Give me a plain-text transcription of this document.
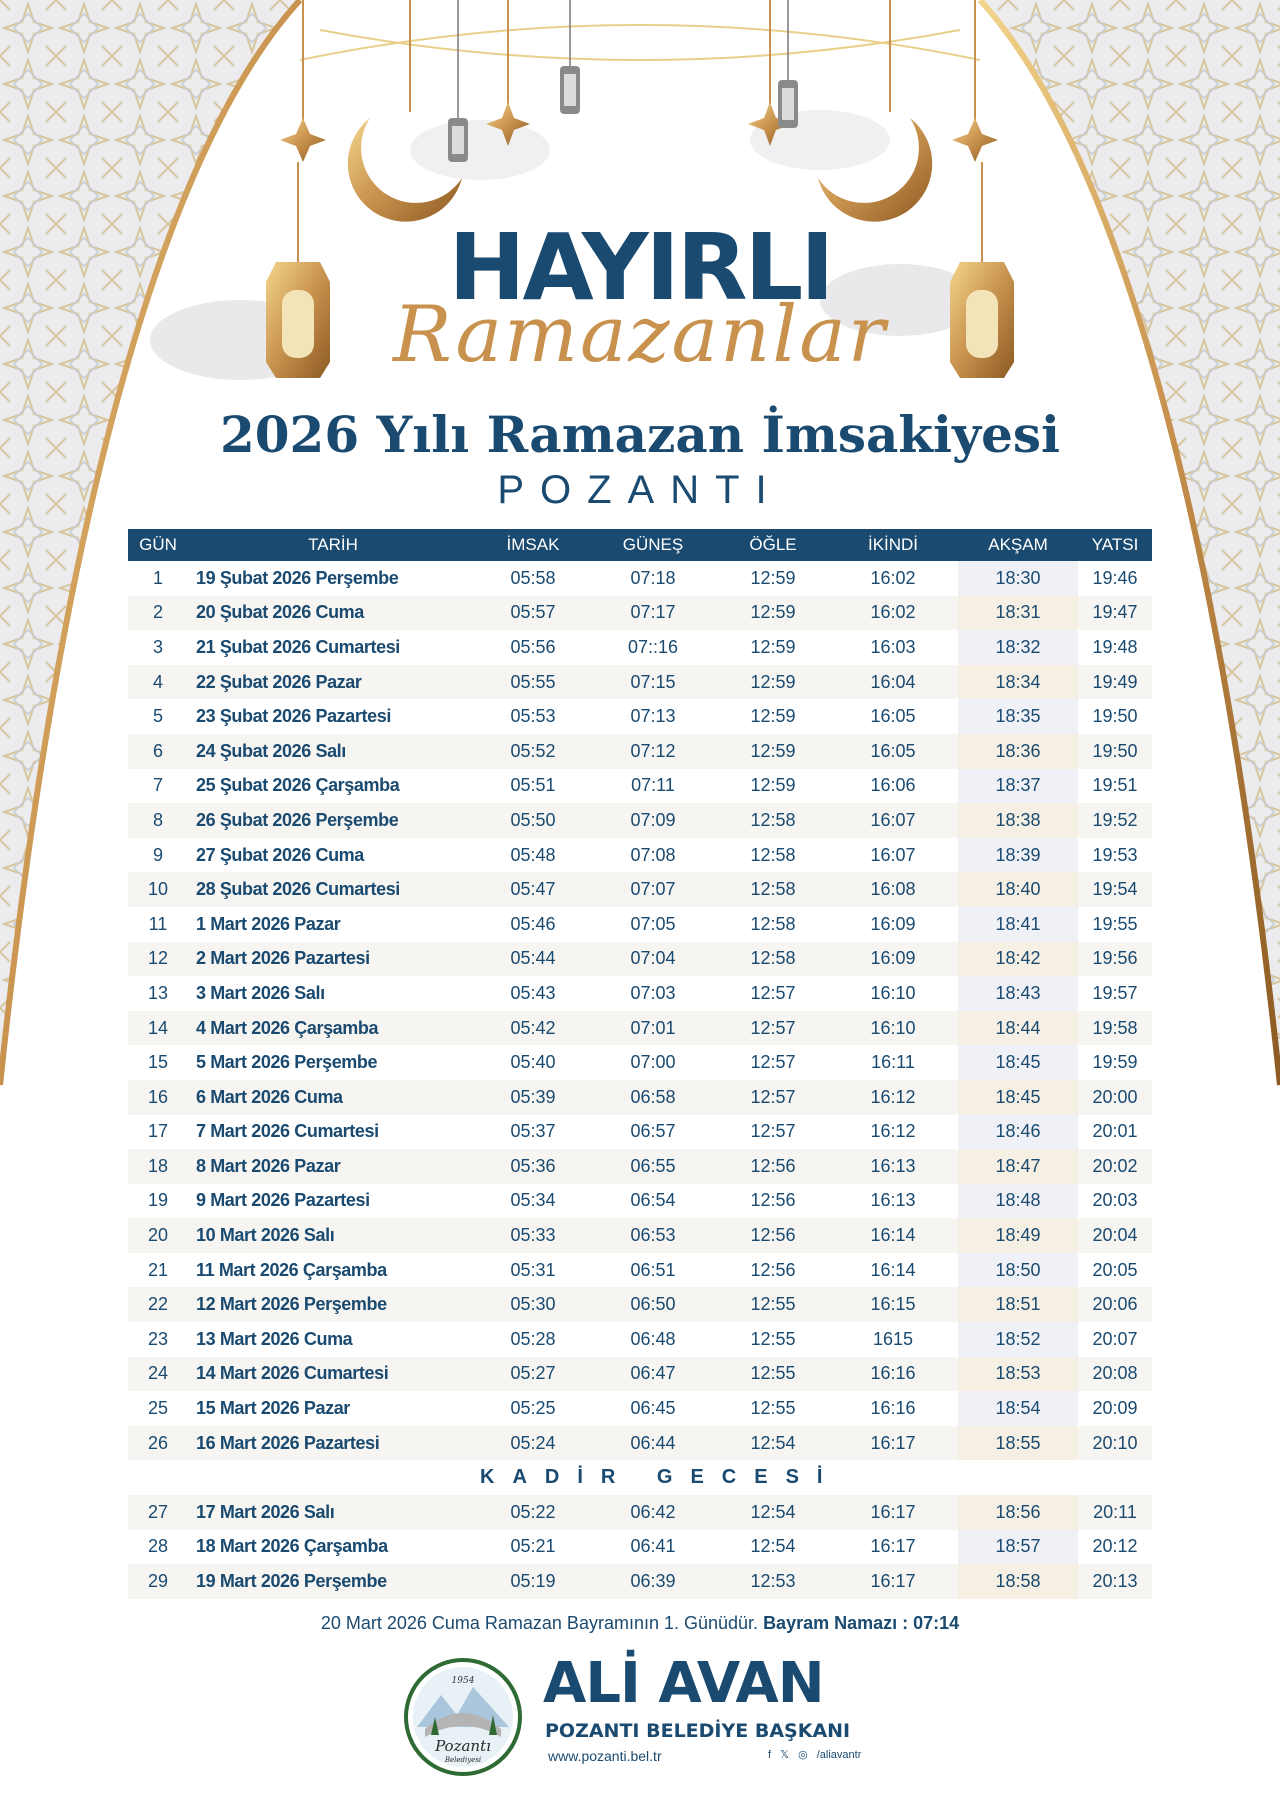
HAYIRLI
Ramazanlar
2026 Yılı Ramazan İmsakiyesi
POZANTI
GÜN	TARİH	İMSAK	GÜNEŞ	ÖĞLE	İKİNDİ	AKŞAM	YATSI
1	19 Şubat 2026 Perşembe	05:58	07:18	12:59	16:02	18:30	19:46
2	20 Şubat 2026 Cuma	05:57	07:17	12:59	16:02	18:31	19:47
3	21 Şubat 2026 Cumartesi	05:56	07::16	12:59	16:03	18:32	19:48
4	22 Şubat 2026 Pazar	05:55	07:15	12:59	16:04	18:34	19:49
5	23 Şubat 2026 Pazartesi	05:53	07:13	12:59	16:05	18:35	19:50
6	24 Şubat 2026 Salı	05:52	07:12	12:59	16:05	18:36	19:50
7	25 Şubat 2026 Çarşamba	05:51	07:11	12:59	16:06	18:37	19:51
8	26 Şubat 2026 Perşembe	05:50	07:09	12:58	16:07	18:38	19:52
9	27 Şubat 2026 Cuma	05:48	07:08	12:58	16:07	18:39	19:53
10	28 Şubat 2026 Cumartesi	05:47	07:07	12:58	16:08	18:40	19:54
11	1 Mart 2026 Pazar	05:46	07:05	12:58	16:09	18:41	19:55
12	2 Mart 2026 Pazartesi	05:44	07:04	12:58	16:09	18:42	19:56
13	3 Mart 2026 Salı	05:43	07:03	12:57	16:10	18:43	19:57
14	4 Mart 2026 Çarşamba	05:42	07:01	12:57	16:10	18:44	19:58
15	5 Mart 2026 Perşembe	05:40	07:00	12:57	16:11	18:45	19:59
16	6 Mart 2026 Cuma	05:39	06:58	12:57	16:12	18:45	20:00
17	7 Mart 2026 Cumartesi	05:37	06:57	12:57	16:12	18:46	20:01
18	8 Mart 2026 Pazar	05:36	06:55	12:56	16:13	18:47	20:02
19	9 Mart 2026 Pazartesi	05:34	06:54	12:56	16:13	18:48	20:03
20	10 Mart 2026 Salı	05:33	06:53	12:56	16:14	18:49	20:04
21	11 Mart 2026 Çarşamba	05:31	06:51	12:56	16:14	18:50	20:05
22	12 Mart 2026 Perşembe	05:30	06:50	12:55	16:15	18:51	20:06
23	13 Mart 2026 Cuma	05:28	06:48	12:55	1615	18:52	20:07
24	14 Mart 2026 Cumartesi	05:27	06:47	12:55	16:16	18:53	20:08
25	15 Mart 2026 Pazar	05:25	06:45	12:55	16:16	18:54	20:09
26	16 Mart 2026 Pazartesi	05:24	06:44	12:54	16:17	18:55	20:10
KADİR GECESİ							
27	17 Mart 2026 Salı	05:22	06:42	12:54	16:17	18:56	20:11
28	18 Mart 2026 Çarşamba	05:21	06:41	12:54	16:17	18:57	20:12
29	19 Mart 2026 Perşembe	05:19	06:39	12:53	16:17	18:58	20:13
20 Mart 2026 Cuma Ramazan Bayramının 1. Günüdür. Bayram Namazı : 07:14
1954
Pozantı
Belediyesi
ALİ AVAN
POZANTI BELEDİYE BAŞKANI
www.pozanti.bel.tr	f 𝕏 ◎ /aliavantr
